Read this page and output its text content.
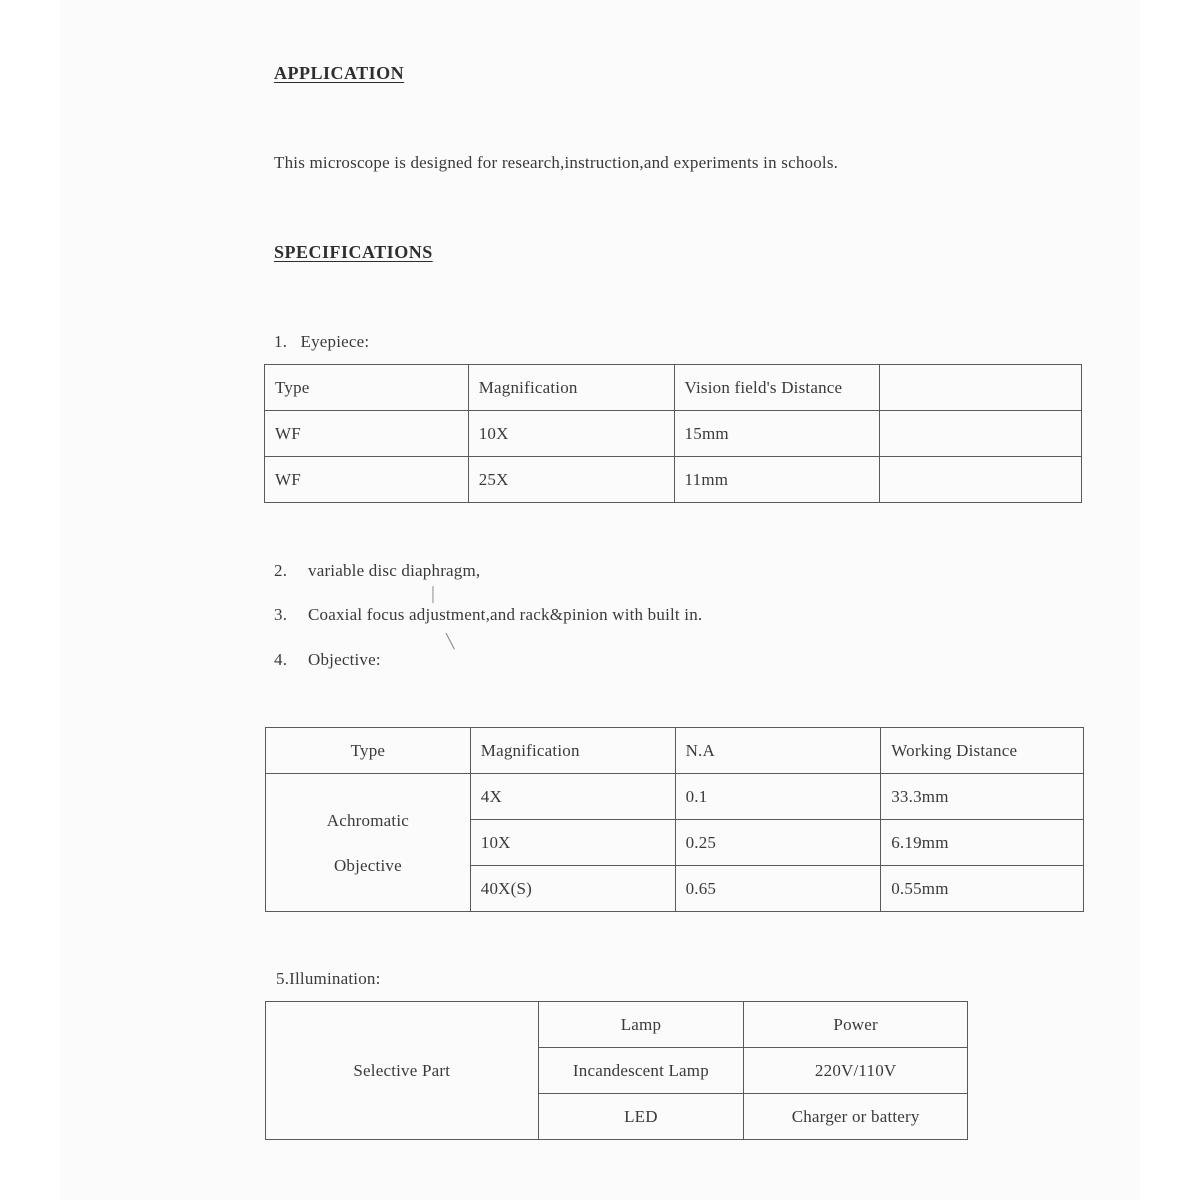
APPLICATION
This microscope is designed for research,instruction,and experiments in schools.
SPECIFICATIONS
1.   Eyepiece:
Type	Magnification	Vision field's Distance	
WF	10X	15mm	
WF	25X	11mm	
2. variable disc diaphragm,
3. Coaxial focus adjustment,and rack&pinion with built in.
4. Objective:
│
╲
Type	Magnification	N.A	Working Distance

Achromatic
Objective	4X	0.1	33.3mm
	10X	0.25	6.19mm
	40X(S)	0.65	0.55mm
5.Illumination:
Selective Part	Lamp	Power
	Incandescent Lamp	220V/110V
	LED	Charger or battery
